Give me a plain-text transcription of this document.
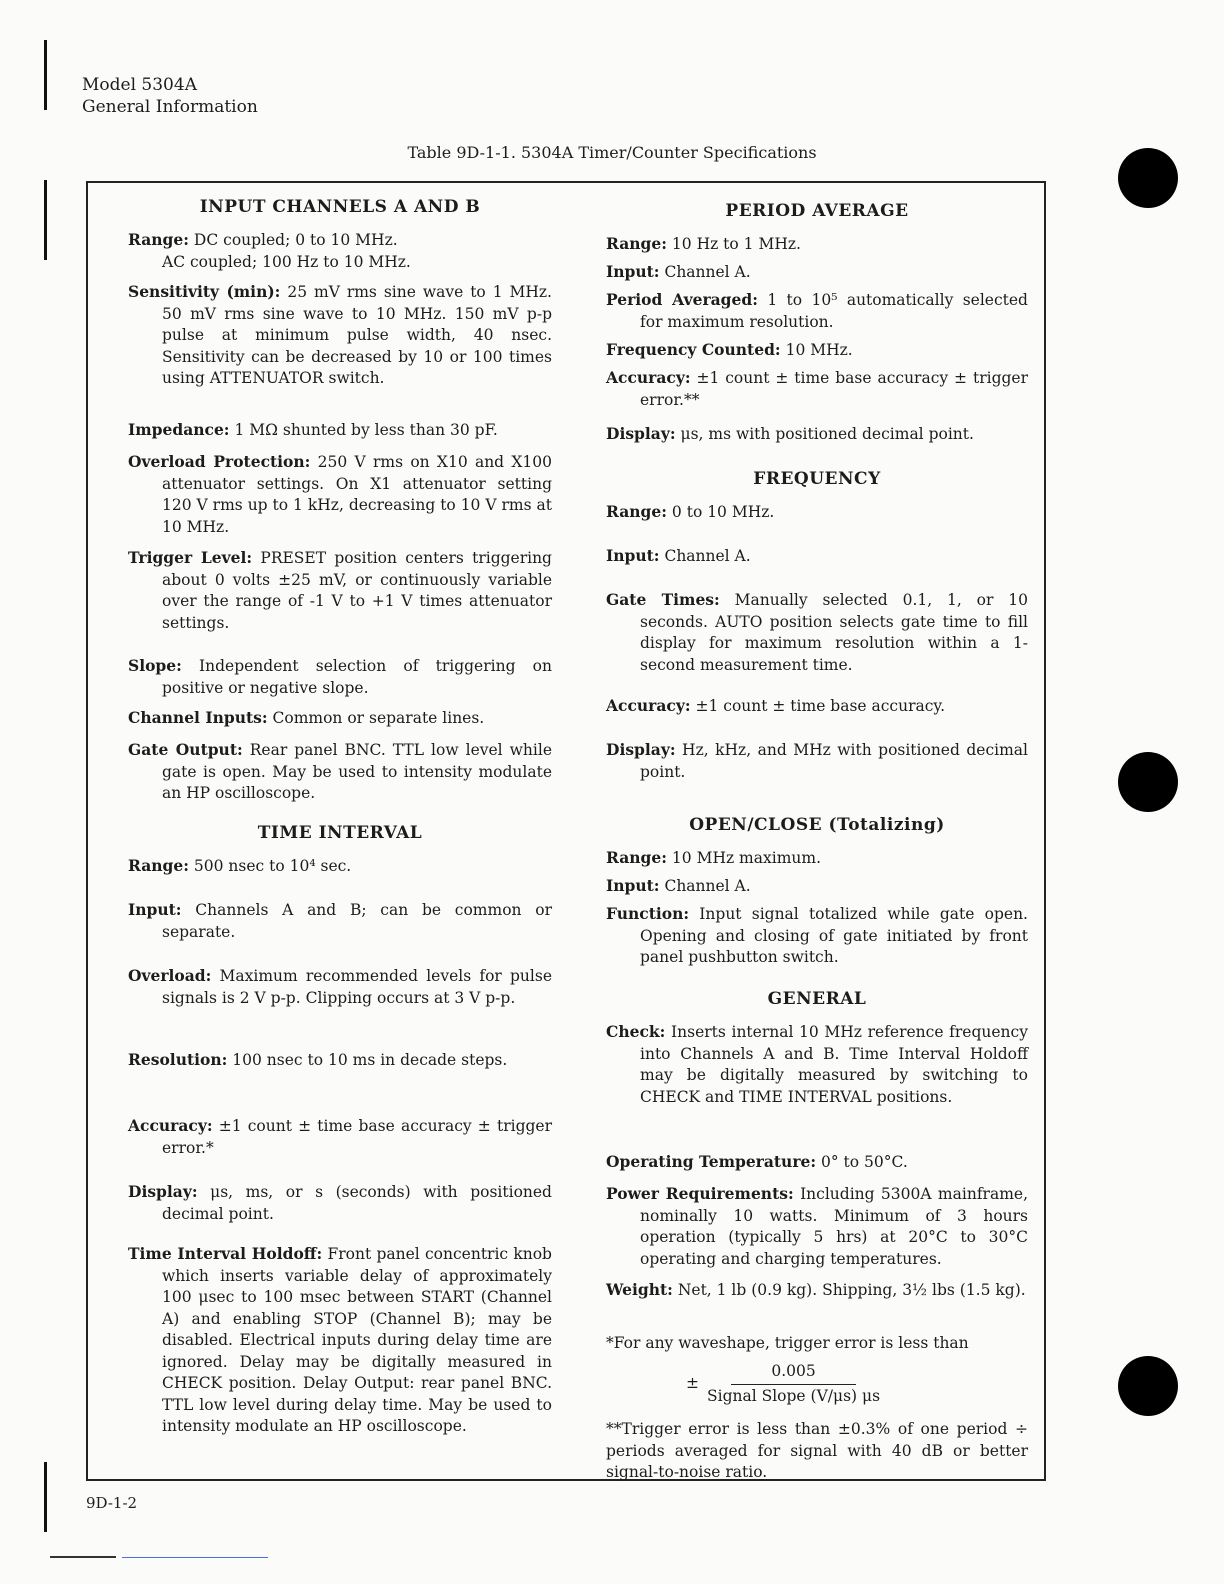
Model 5304A
General Information
Table 9D-1-1. 5304A Timer/Counter Specifications
INPUT CHANNELS A AND B
Range: DC coupled; 0 to 10 MHz.
AC coupled; 100 Hz to 10 MHz.
Sensitivity (min): 25 mV rms sine wave to 1 MHz. 50 mV rms sine wave to 10 MHz. 150 mV p-p pulse at minimum pulse width, 40 nsec. Sensitivity can be decreased by 10 or 100 times using ATTENUATOR switch.
Impedance: 1 MΩ shunted by less than 30 pF.
Overload Protection: 250 V rms on X10 and X100 attenuator settings. On X1 attenuator setting 120 V rms up to 1 kHz, decreasing to 10 V rms at 10 MHz.
Trigger Level: PRESET position centers triggering about 0 volts ±25 mV, or continuously variable over the range of -1 V to +1 V times attenuator settings.
Slope: Independent selection of triggering on positive or negative slope.
Channel Inputs: Common or separate lines.
Gate Output: Rear panel BNC. TTL low level while gate is open. May be used to intensity modulate an HP oscilloscope.
TIME INTERVAL
Range: 500 nsec to 10⁴ sec.
Input: Channels A and B; can be common or separate.
Overload: Maximum recommended levels for pulse signals is 2 V p-p. Clipping occurs at 3 V p-p.
Resolution: 100 nsec to 10 ms in decade steps.
Accuracy: ±1 count ± time base accuracy ± trigger error.*
Display: μs, ms, or s (seconds) with positioned decimal point.
Time Interval Holdoff: Front panel concentric knob which inserts variable delay of approximately 100 μsec to 100 msec between START (Channel A) and enabling STOP (Channel B); may be disabled. Electrical inputs during delay time are ignored. Delay may be digitally measured in CHECK position. Delay Output: rear panel BNC. TTL low level during delay time. May be used to intensity modulate an HP oscilloscope.
PERIOD AVERAGE
Range: 10 Hz to 1 MHz.
Input: Channel A.
Period Averaged: 1 to 10⁵ automatically selected for maximum resolution.
Frequency Counted: 10 MHz.
Accuracy: ±1 count ± time base accuracy ± trigger error.**
Display: μs, ms with positioned decimal point.
FREQUENCY
Range: 0 to 10 MHz.
Input: Channel A.
Gate Times: Manually selected 0.1, 1, or 10 seconds. AUTO position selects gate time to fill display for maximum resolution within a 1-second measurement time.
Accuracy: ±1 count ± time base accuracy.
Display: Hz, kHz, and MHz with positioned decimal point.
OPEN/CLOSE (Totalizing)
Range: 10 MHz maximum.
Input: Channel A.
Function: Input signal totalized while gate open. Opening and closing of gate initiated by front panel pushbutton switch.
GENERAL
Check: Inserts internal 10 MHz reference frequency into Channels A and B. Time Interval Holdoff may be digitally measured by switching to CHECK and TIME INTERVAL positions.
Operating Temperature: 0° to 50°C.
Power Requirements: Including 5300A mainframe, nominally 10 watts. Minimum of 3 hours operation (typically 5 hrs) at 20°C to 30°C operating and charging temperatures.
Weight: Net, 1 lb (0.9 kg). Shipping, 3½ lbs (1.5 kg).
*For any waveshape, trigger error is less than
± $\frac{0.005}{\text{Signal Slope (V/μs) μs}}$
**Trigger error is less than ±0.3% of one period ÷ periods averaged for signal with 40 dB or better signal-to-noise ratio.
9D-1-2
